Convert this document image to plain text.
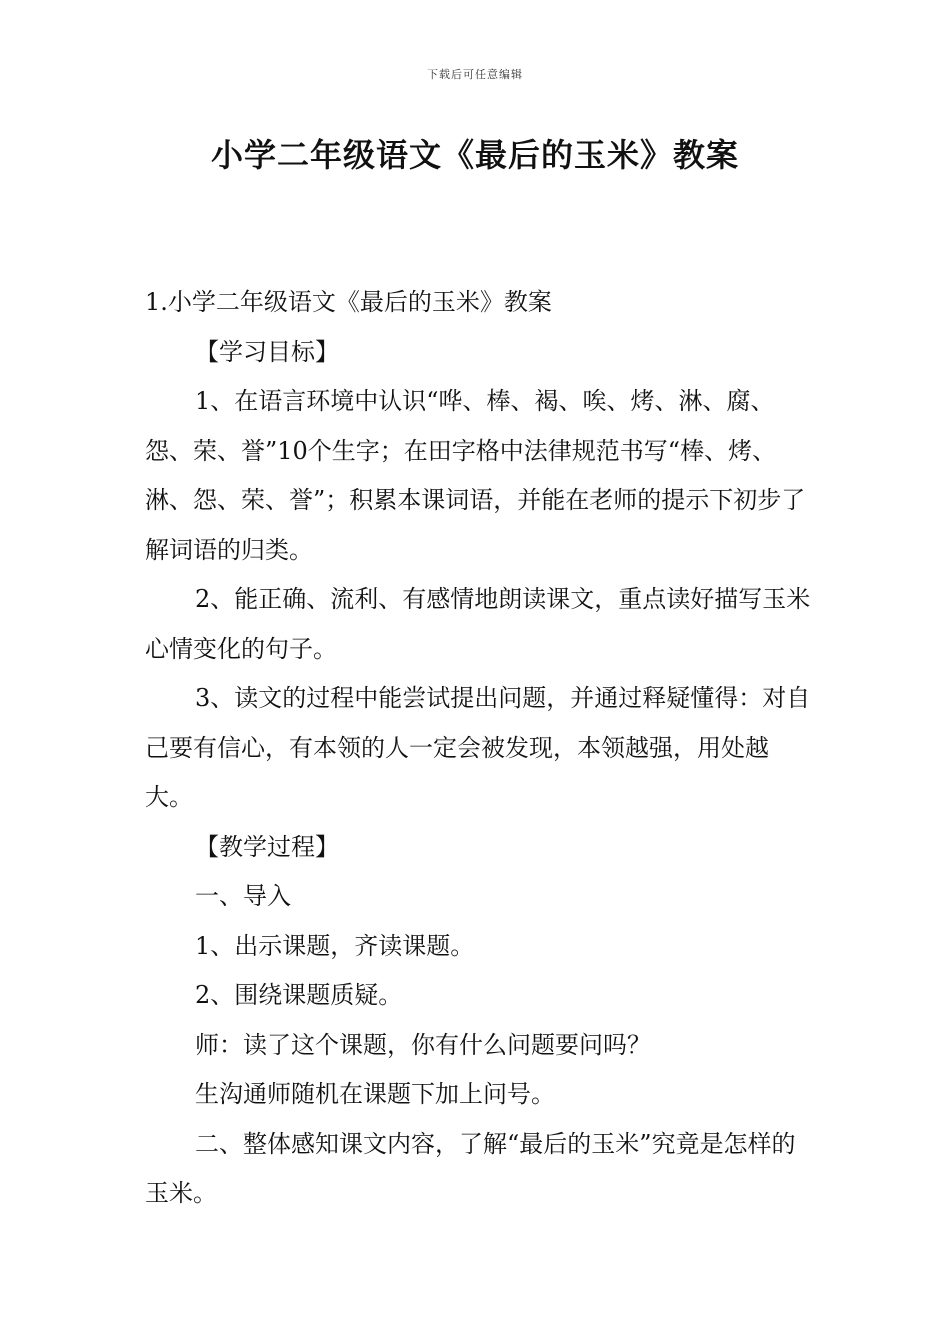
下载后可任意编辑
小学二年级语文《最后的玉米》教案

1.小学二年级语文《最后的玉米》教案

【学习目标】

1、在语言环境中认识“哗、棒、褐、唉、烤、淋、腐、怨、荣、誉”10个生字；在田字格中法律规范书写“棒、烤、淋、怨、荣、誉”；积累本课词语，并能在老师的提示下初步了解词语的归类。

2、能正确、流利、有感情地朗读课文，重点读好描写玉米心情变化的句子。

3、读文的过程中能尝试提出问题，并通过释疑懂得：对自己要有信心，有本领的人一定会被发现，本领越强，用处越大。

【教学过程】

一、导入

1、出示课题，齐读课题。

2、围绕课题质疑。

师：读了这个课题，你有什么问题要问吗？

生沟通师随机在课题下加上问号。

二、整体感知课文内容，了解“最后的玉米”究竟是怎样的玉米。
